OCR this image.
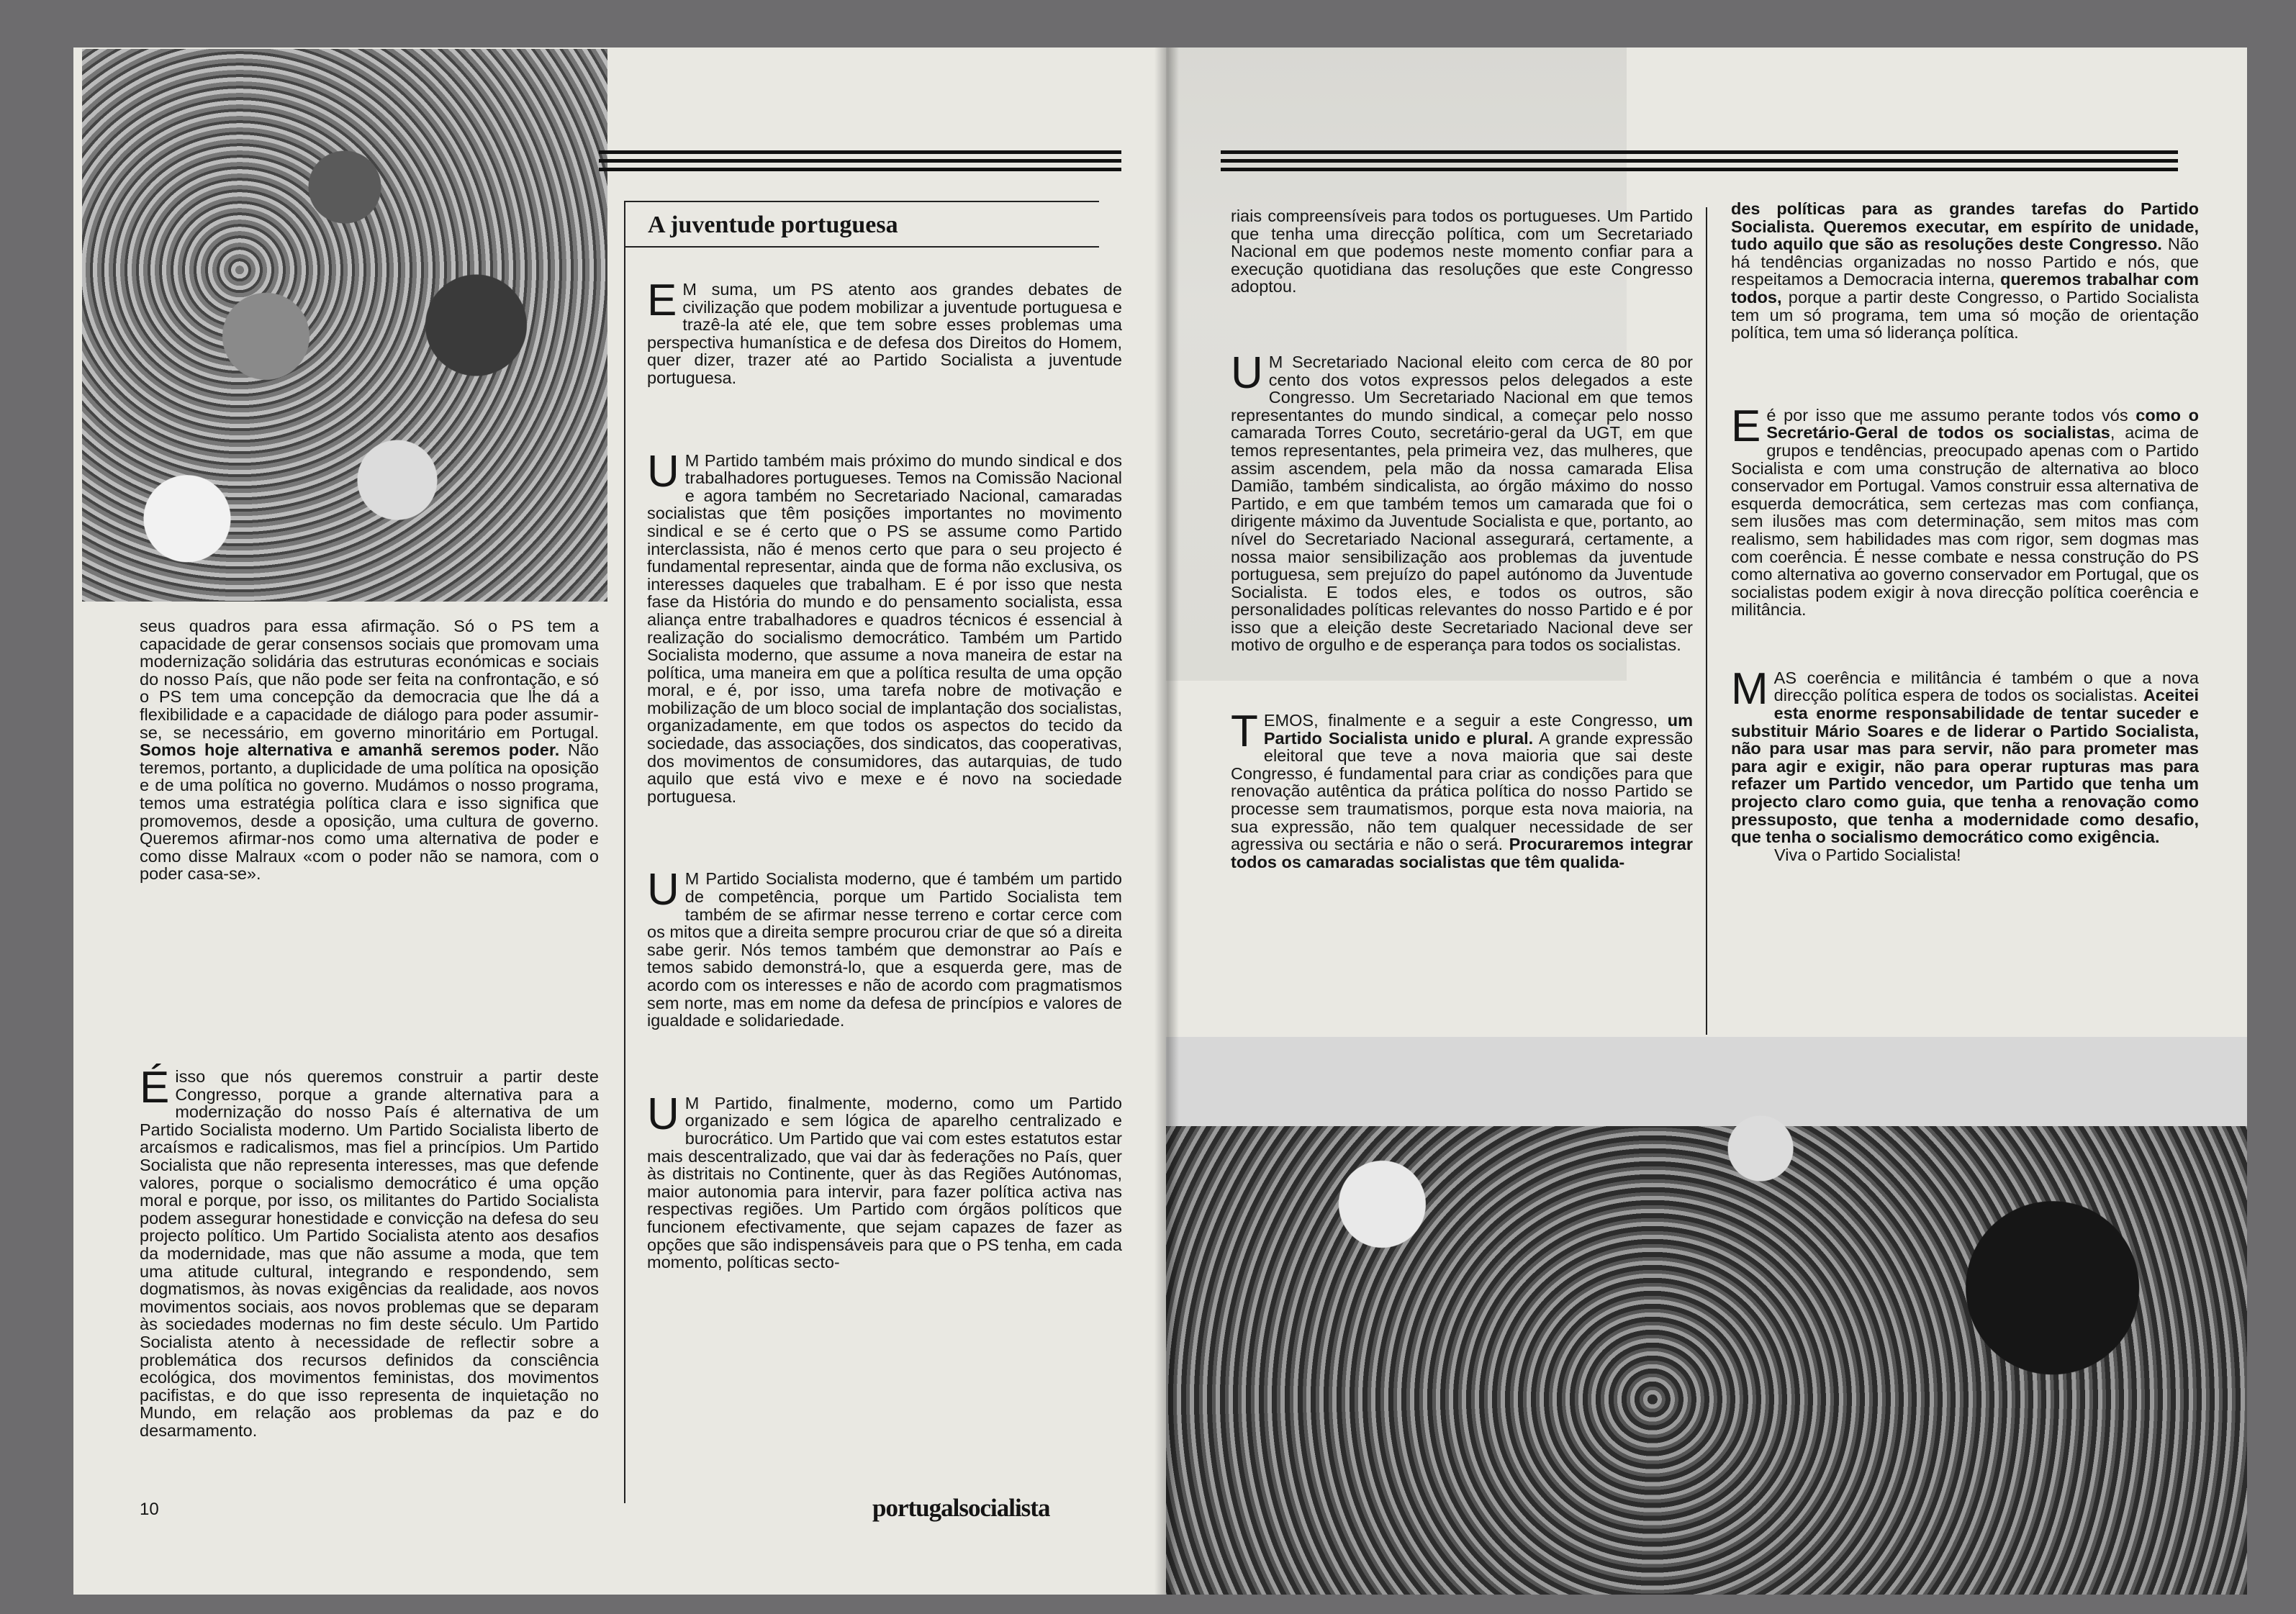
A juventude portuguesa

seus quadros para essa afirmação. Só o PS tem a capacidade de gerar consensos sociais que promovam uma modernização solidária das estruturas económicas e sociais do nosso País, que não pode ser feita na confrontação, e só o PS tem uma concepção da democracia que lhe dá a flexibilidade e a capacidade de diálogo para poder assumir-se, se necessário, em governo minoritário em Portugal. Somos hoje alternativa e amanhã seremos poder. Não teremos, portanto, a duplicidade de uma política na oposição e de uma política no governo. Mudámos o nosso programa, temos uma estratégia política clara e isso significa que promovemos, desde a oposição, uma cultura de governo. Queremos afirmar-nos como uma alternativa de poder e como disse Malraux «com o poder não se namora, com o poder casa-se».

É isso que nós queremos construir a partir deste Congresso, porque a grande alternativa para a modernização do nosso País é alternativa de um Partido Socialista moderno. Um Partido Socialista liberto de arcaísmos e radicalismos, mas fiel a princípios. Um Partido Socialista que não representa interesses, mas que defende valores, porque o socialismo democrático é uma opção moral e porque, por isso, os militantes do Partido Socialista podem assegurar honestidade e convicção na defesa do seu projecto político. Um Partido Socialista atento aos desafios da modernidade, mas que não assume a moda, que tem uma atitude cultural, integrando e respondendo, sem dogmatismos, às novas exigências da realidade, aos novos movimentos sociais, aos novos problemas que se deparam às sociedades modernas no fim deste século. Um Partido Socialista atento à necessidade de reflectir sobre a problemática dos recursos definidos da consciência ecológica, dos movimentos feministas, dos movimentos pacifistas, e do que isso representa de inquietação no Mundo, em relação aos problemas da paz e do desarmamento.

E M suma, um PS atento aos grandes debates de civilização que podem mobilizar a juventude portuguesa e trazê-la até ele, que tem sobre esses problemas uma perspectiva humanística e de defesa dos Direitos do Homem, quer dizer, trazer até ao Partido Socialista a juventude portuguesa.

U M Partido também mais próximo do mundo sindical e dos trabalhadores portugueses. Temos na Comissão Nacional e agora também no Secretariado Nacional, camaradas socialistas que têm posições importantes no movimento sindical e se é certo que o PS se assume como Partido interclassista, não é menos certo que para o seu projecto é fundamental representar, ainda que de forma não exclusiva, os interesses daqueles que trabalham. E é por isso que nesta fase da História do mundo e do pensamento socialista, essa aliança entre trabalhadores e quadros técnicos é essencial à realização do socialismo democrático. Também um Partido Socialista moderno, que assume a nova maneira de estar na política, uma maneira em que a política resulta de uma opção moral, e é, por isso, uma tarefa nobre de motivação e mobilização de um bloco social de implantação dos socialistas, organizadamente, em que todos os aspectos do tecido da sociedade, das associações, dos sindicatos, das cooperativas, dos movimentos de consumidores, das autarquias, de tudo aquilo que está vivo e mexe e é novo na sociedade portuguesa.

U M Partido Socialista moderno, que é também um partido de competência, porque um Partido Socialista tem também de se afirmar nesse terreno e cortar cerce com os mitos que a direita sempre procurou criar de que só a direita sabe gerir. Nós temos também que demonstrar ao País e temos sabido demonstrá-lo, que a esquerda gere, mas de acordo com os interesses e não de acordo com pragmatismos sem norte, mas em nome da defesa de princípios e valores de igualdade e solidariedade.

U M Partido, finalmente, moderno, como um Partido organizado e sem lógica de aparelho centralizado e burocrático. Um Partido que vai com estes estatutos estar mais descentralizado, que vai dar às federações no País, quer às distritais no Continente, quer às das Regiões Autónomas, maior autonomia para intervir, para fazer política activa nas respectivas regiões. Um Partido com órgãos políticos que funcionem efectivamente, que sejam capazes de fazer as opções que são indispensáveis para que o PS tenha, em cada momento, políticas secto-

10	portugalsocialista

riais compreensíveis para todos os portugueses. Um Partido que tenha uma direcção política, com um Secretariado Nacional em que podemos neste momento confiar para a execução quotidiana das resoluções que este Congresso adoptou.

U M Secretariado Nacional eleito com cerca de 80 por cento dos votos expressos pelos delegados a este Congresso. Um Secretariado Nacional em que temos representantes do mundo sindical, a começar pelo nosso camarada Torres Couto, secretário-geral da UGT, em que temos representantes, pela primeira vez, das mulheres, que assim ascendem, pela mão da nossa camarada Elisa Damião, também sindicalista, ao órgão máximo do nosso Partido, e em que também temos um camarada que foi o dirigente máximo da Juventude Socialista e que, portanto, ao nível do Secretariado Nacional assegurará, certamente, a nossa maior sensibilização aos problemas da juventude portuguesa, sem prejuízo do papel autónomo da Juventude Socialista. E todos eles, e todos os outros, são personalidades políticas relevantes do nosso Partido e é por isso que a eleição deste Secretariado Nacional deve ser motivo de orgulho e de esperança para todos os socialistas.

TEMOS, finalmente e a seguir a este Congresso, um Partido Socialista unido e plural. A grande expressão eleitoral que teve a nova maioria que sai deste Congresso, é fundamental para criar as condições para que renovação autêntica da prática política do nosso Partido se processe sem traumatismos, porque esta nova maioria, na sua expressão, não tem qualquer necessidade de ser agressiva ou sectária e não o será. Procuraremos integrar todos os camaradas socialistas que têm qualida-

des políticas para as grandes tarefas do Partido Socialista. Queremos executar, em espírito de unidade, tudo aquilo que são as resoluções deste Congresso. Não há tendências organizadas no nosso Partido e nós, que respeitamos a Democracia interna, queremos trabalhar com todos, porque a partir deste Congresso, o Partido Socialista tem um só programa, tem uma só moção de orientação política, tem uma só liderança política.

E é por isso que me assumo perante todos vós como o Secretário-Geral de todos os socialistas, acima de grupos e tendências, preocupado apenas com o Partido Socialista e com uma construção de alternativa ao bloco conservador em Portugal. Vamos construir essa alternativa de esquerda democrática, sem certezas mas com confiança, sem ilusões mas com determinação, sem mitos mas com realismo, sem habilidades mas com rigor, sem dogmas mas com coerência. É nesse combate e nessa construção do PS como alternativa ao governo conservador em Portugal, que os socialistas podem exigir à nova direcção política coerência e militância.

MAS coerência e militância é também o que a nova direcção política espera de todos os socialistas. Aceitei esta enorme responsabilidade de tentar suceder e substituir Mário Soares e de liderar o Partido Socialista, não para usar mas para servir, não para prometer mas para agir e exigir, não para operar rupturas mas para refazer um Partido vencedor, um Partido que tenha um projecto claro como guia, que tenha a renovação como pressuposto, que tenha a modernidade como desafio, que tenha o socialismo democrático como exigência.

Viva o Partido Socialista!
